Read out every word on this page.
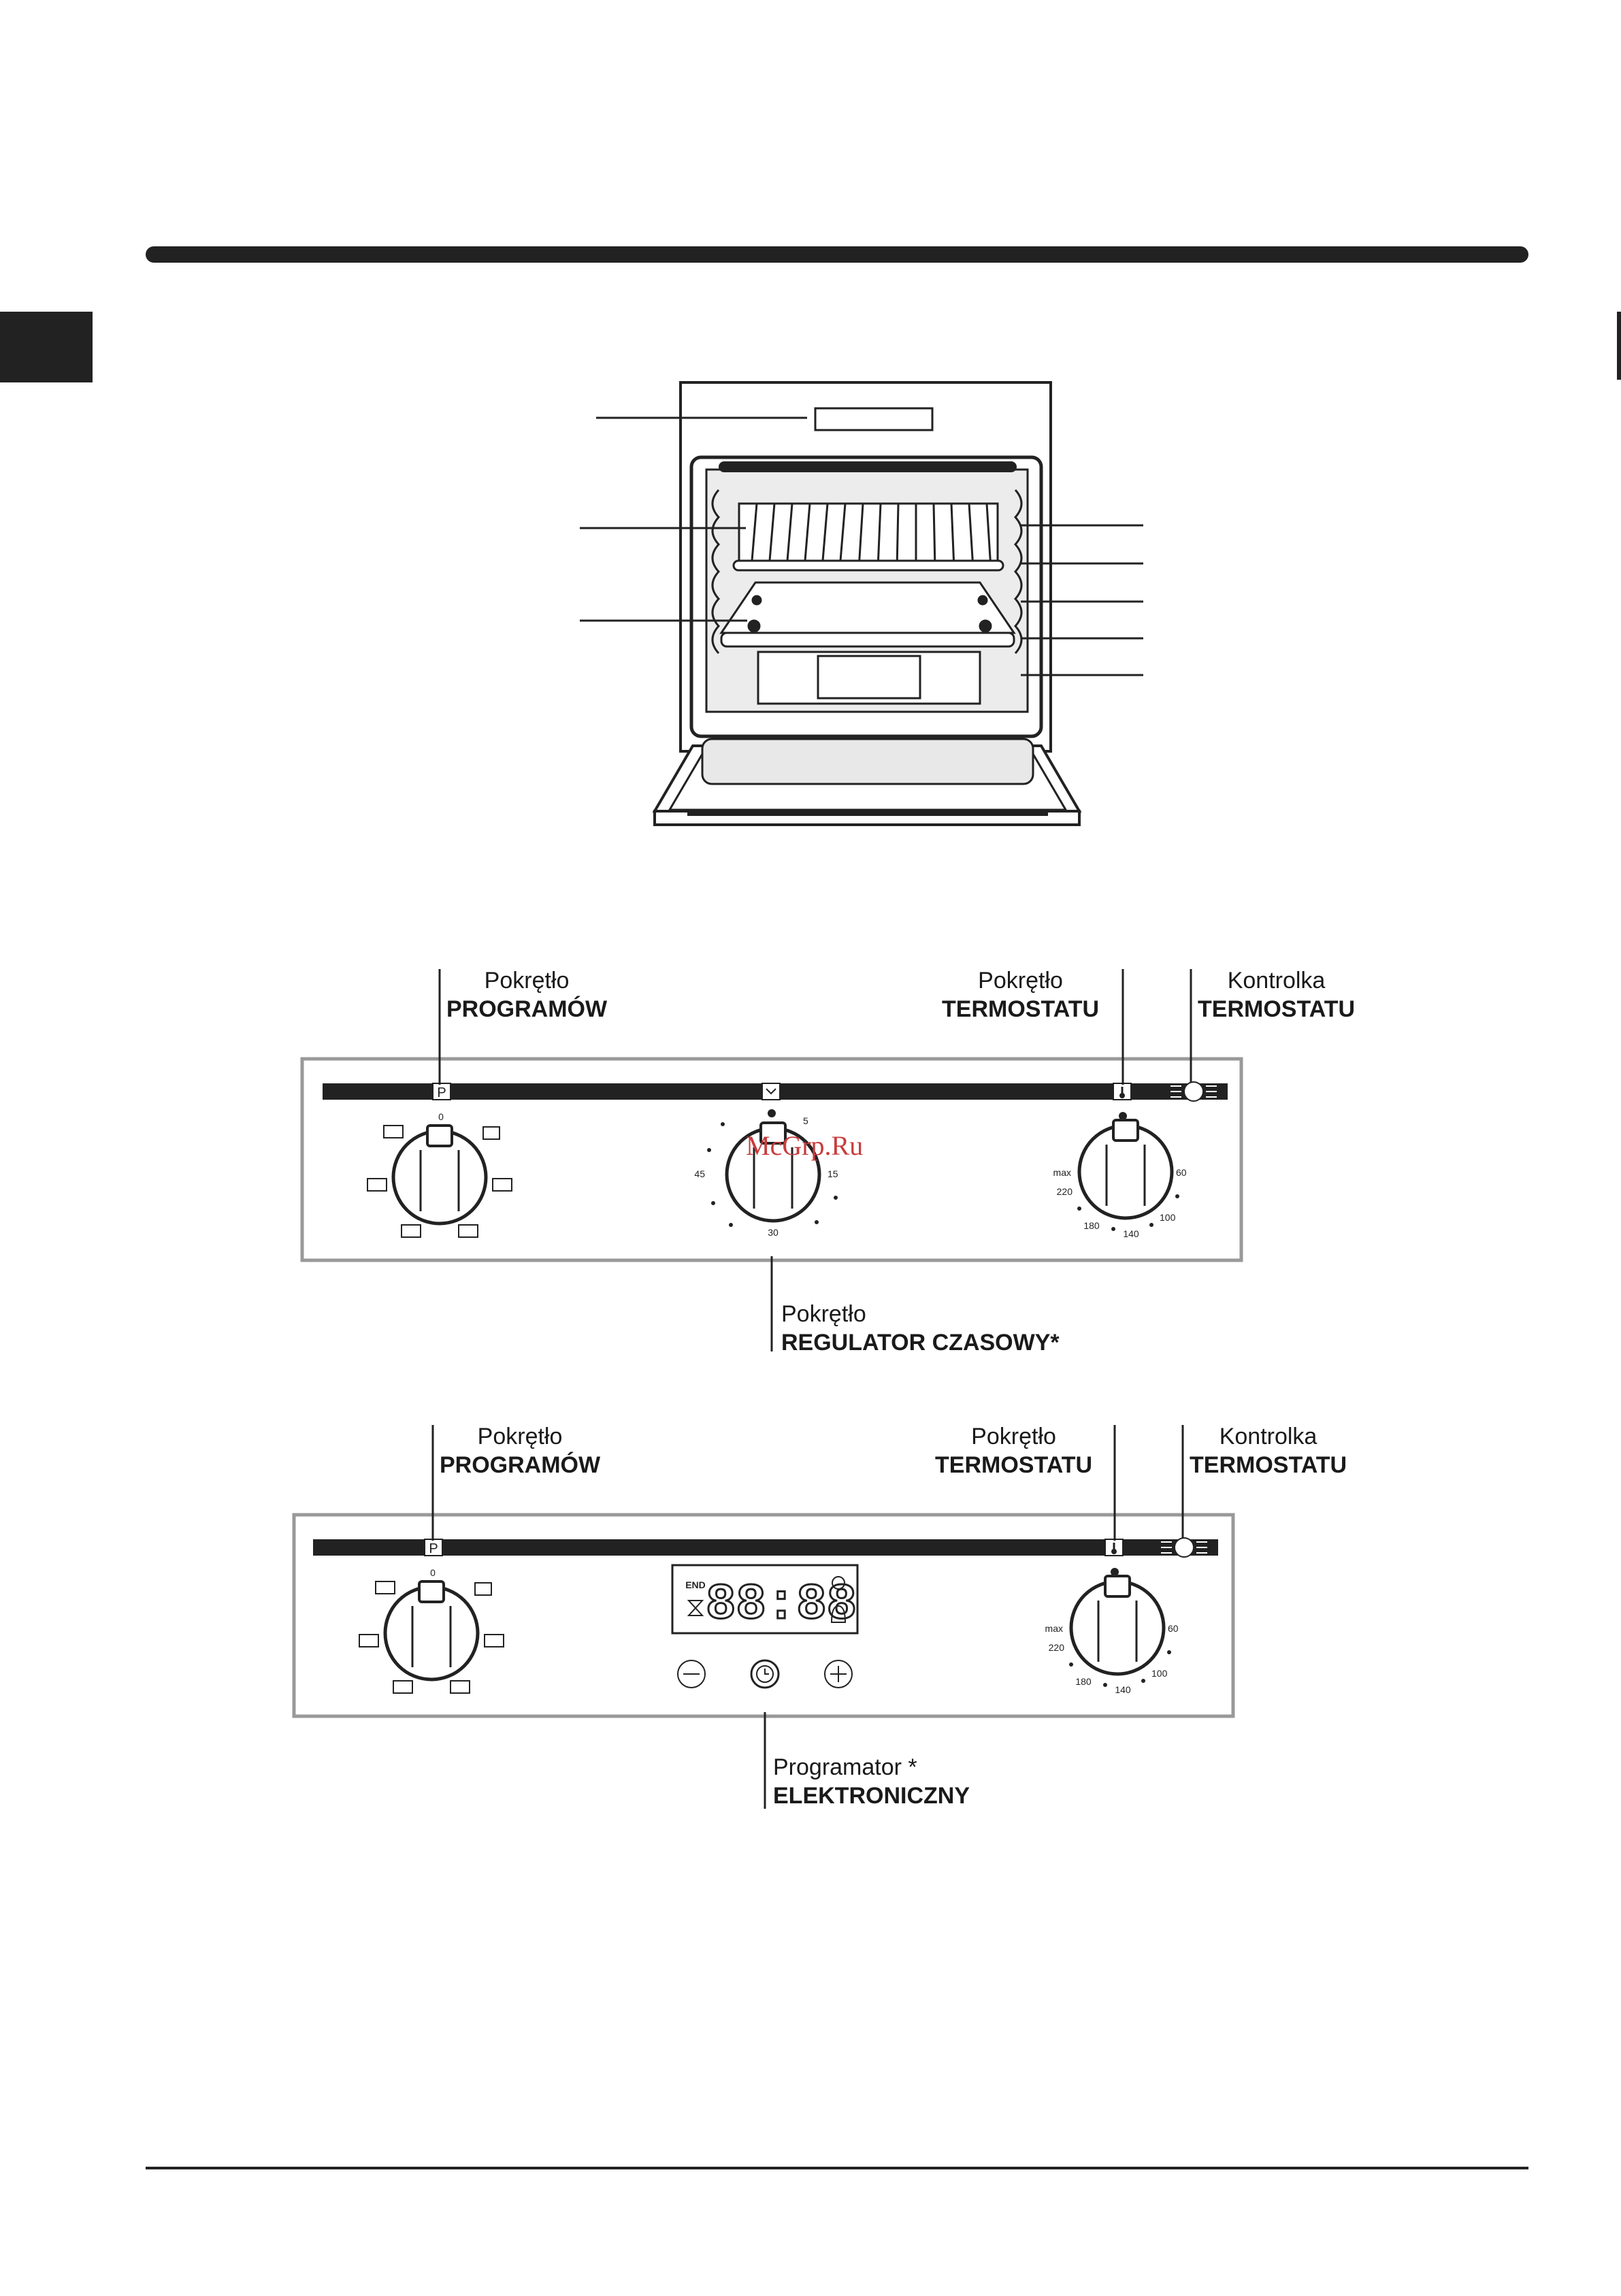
P
0	5
15
30
45	max
220
60
100
180
140
P
0
END 88:88	max
220
60
100
180
140
McGrp.Ru
Pokrętło
PROGRAMÓW
Pokrętło
TERMOSTATU
Kontrolka
TERMOSTATU
Pokrętło
REGULATOR CZASOWY*
Pokrętło
PROGRAMÓW
Pokrętło
TERMOSTATU
Kontrolka
TERMOSTATU
Programator *
ELEKTRONICZNY
